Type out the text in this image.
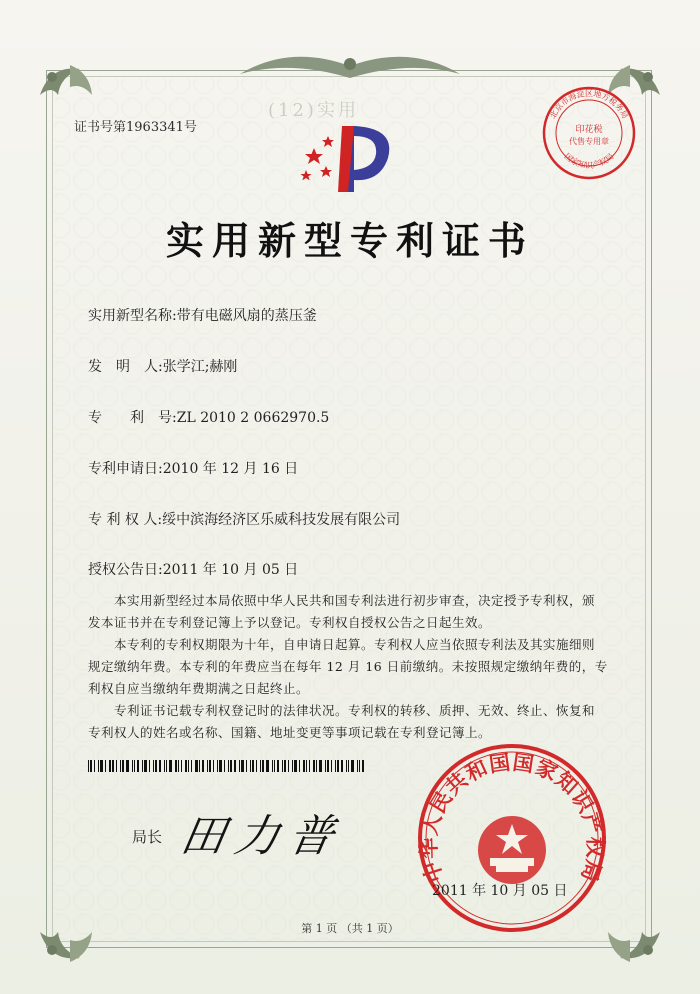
证书号第1963341号
(12)实用	北京市海淀区地方税务局
国家知识产权局
印花税
代售专用章
实用新型专利证书
实用新型名称:带有电磁风扇的蒸压釜
发　明　人:张学江;赫刚
专　　利　号:ZL 2010 2 0662970.5
专利申请日:2010 年 12 月 16 日
专 利 权 人:绥中滨海经济区乐威科技发展有限公司
授权公告日:2011 年 10 月 05 日
本实用新型经过本局依照中华人民共和国专利法进行初步审查，决定授予专利权，颁
发本证书并在专利登记簿上予以登记。专利权自授权公告之日起生效。
本专利的专利权期限为十年，自申请日起算。专利权人应当依照专利法及其实施细则
规定缴纳年费。本专利的年费应当在每年 12 月 16 日前缴纳。未按照规定缴纳年费的，专
利权自应当缴纳年费期满之日起终止。
专利证书记载专利权登记时的法律状况。专利权的转移、质押、无效、终止、恢复和
专利权人的姓名或名称、国籍、地址变更等事项记载在专利登记簿上。
局长 田力普
中华人民共和国国家知识产权局
2011 年 10 月 05 日
第 1 页 （共 1 页）
